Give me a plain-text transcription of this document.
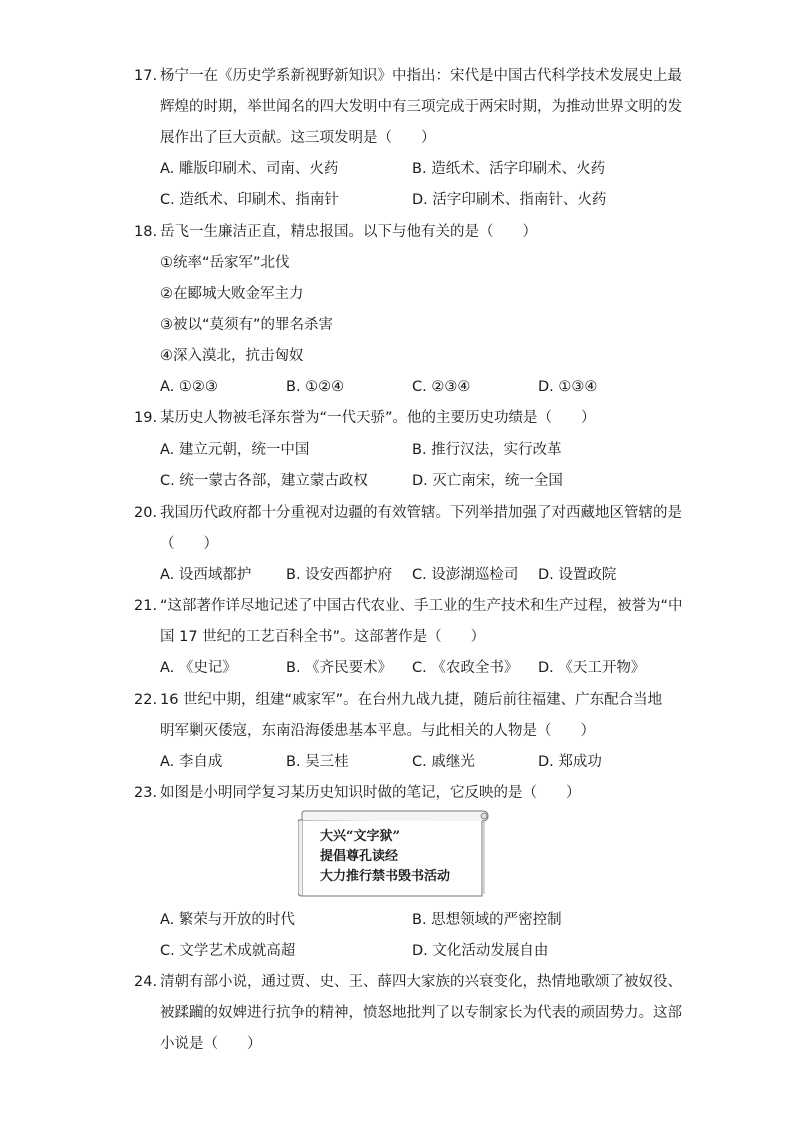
17. 杨宁一在《历史学系新视野新知识》中指出：宋代是中国古代科学技术发展史上最
辉煌的时期，举世闻名的四大发明中有三项完成于两宋时期，为推动世界文明的发
展作出了巨大贡献。这三项发明是（　　）
A. 雕版印刷术、司南、火药	B. 造纸术、活字印刷术、火药
C. 造纸术、印刷术、指南针	D. 活字印刷术、指南针、火药
18. 岳飞一生廉洁正直，精忠报国。以下与他有关的是（　　）
①统率“岳家军”北伐
②在郾城大败金军主力
③被以“莫须有”的罪名杀害
④深入漠北，抗击匈奴
A. ①②③	B. ①②④	C. ②③④	D. ①③④
19. 某历史人物被毛泽东誉为“一代天骄”。他的主要历史功绩是（　　）
A. 建立元朝，统一中国	B. 推行汉法，实行改革
C. 统一蒙古各部，建立蒙古政权	D. 灭亡南宋，统一全国
20. 我国历代政府都十分重视对边疆的有效管辖。下列举措加强了对西藏地区管辖的是
（　　）
A. 设西域都护 B. 设安西都护府 C. 设澎湖巡检司 D. 设置政院
21. “这部著作详尽地记述了中国古代农业、手工业的生产技术和生产过程，被誉为“中
国 17 世纪的工艺百科全书”。这部著作是（　　）
A. 《史记》	B. 《齐民要术》 C. 《农政全书》 D. 《天工开物》
22. 16 世纪中期，组建“戚家军”。在台州九战九捷，随后前往福建、广东配合当地
明军剿灭倭寇，东南沿海倭患基本平息。与此相关的人物是（　　）
A. 李自成	B. 吴三桂	C. 戚继光	D. 郑成功
23. 如图是小明同学复习某历史知识时做的笔记，它反映的是（　　）
大兴“文字狱”
提倡尊孔读经
大力推行禁书毁书活动
A. 繁荣与开放的时代	B. 思想领域的严密控制
C. 文学艺术成就高超	D. 文化活动发展自由
24. 清朝有部小说，通过贾、史、王、薛四大家族的兴衰变化，热情地歌颂了被奴役、
被蹂躏的奴婢进行抗争的精神，愤怒地批判了以专制家长为代表的顽固势力。这部
小说是（　　）
